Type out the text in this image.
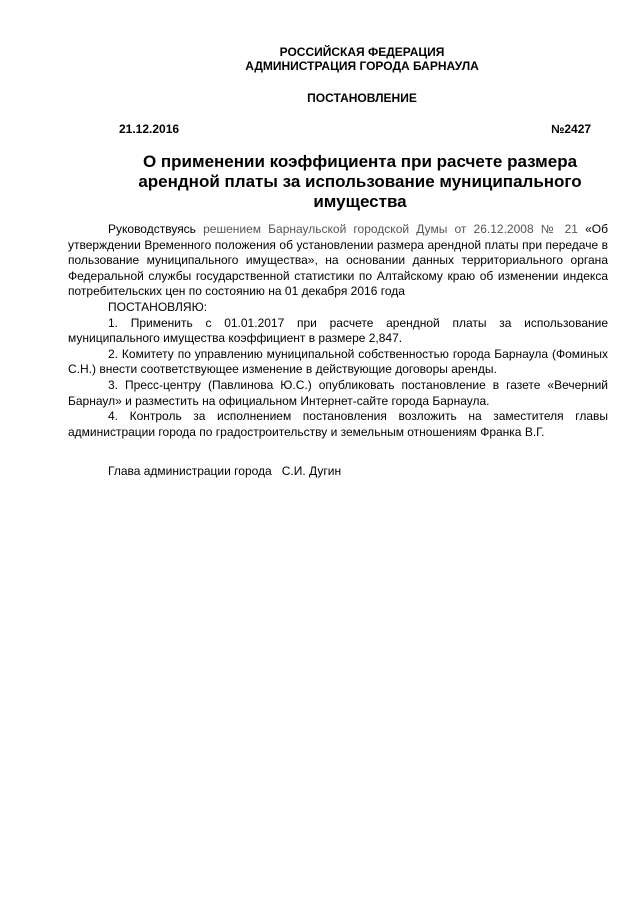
РОССИЙСКАЯ ФЕДЕРАЦИЯ
АДМИНИСТРАЦИЯ ГОРОДА БАРНАУЛА
ПОСТАНОВЛЕНИЕ
21.12.2016	№2427
О применении коэффициента при расчете размера арендной платы за использование муниципального имущества

Руководствуясь решением Барнаульской городской Думы от 26.12.2008 № 21 «Об утверждении Временного положения об установлении размера арендной платы при передаче в пользование муниципального имущества», на основании данных территориального органа Федеральной службы государственной статистики по Алтайскому краю об изменении индекса потребительских цен по состоянию на 01 декабря 2016 года

ПОСТАНОВЛЯЮ:

1. Применить с 01.01.2017 при расчете арендной платы за использование муниципального имущества коэффициент в размере 2,847.

2. Комитету по управлению муниципальной собственностью города Барнаула (Фоминых С.Н.) внести соответствующее изменение в действующие договоры аренды.

3. Пресс-центру (Павлинова Ю.С.) опубликовать постановление в газете «Вечерний Барнаул» и разместить на официальном Интернет-сайте города Барнаула.

4. Контроль за исполнением постановления возложить на заместителя главы администрации города по градостроительству и земельным отношениям Франка В.Г.

Глава администрации города С.И. Дугин
